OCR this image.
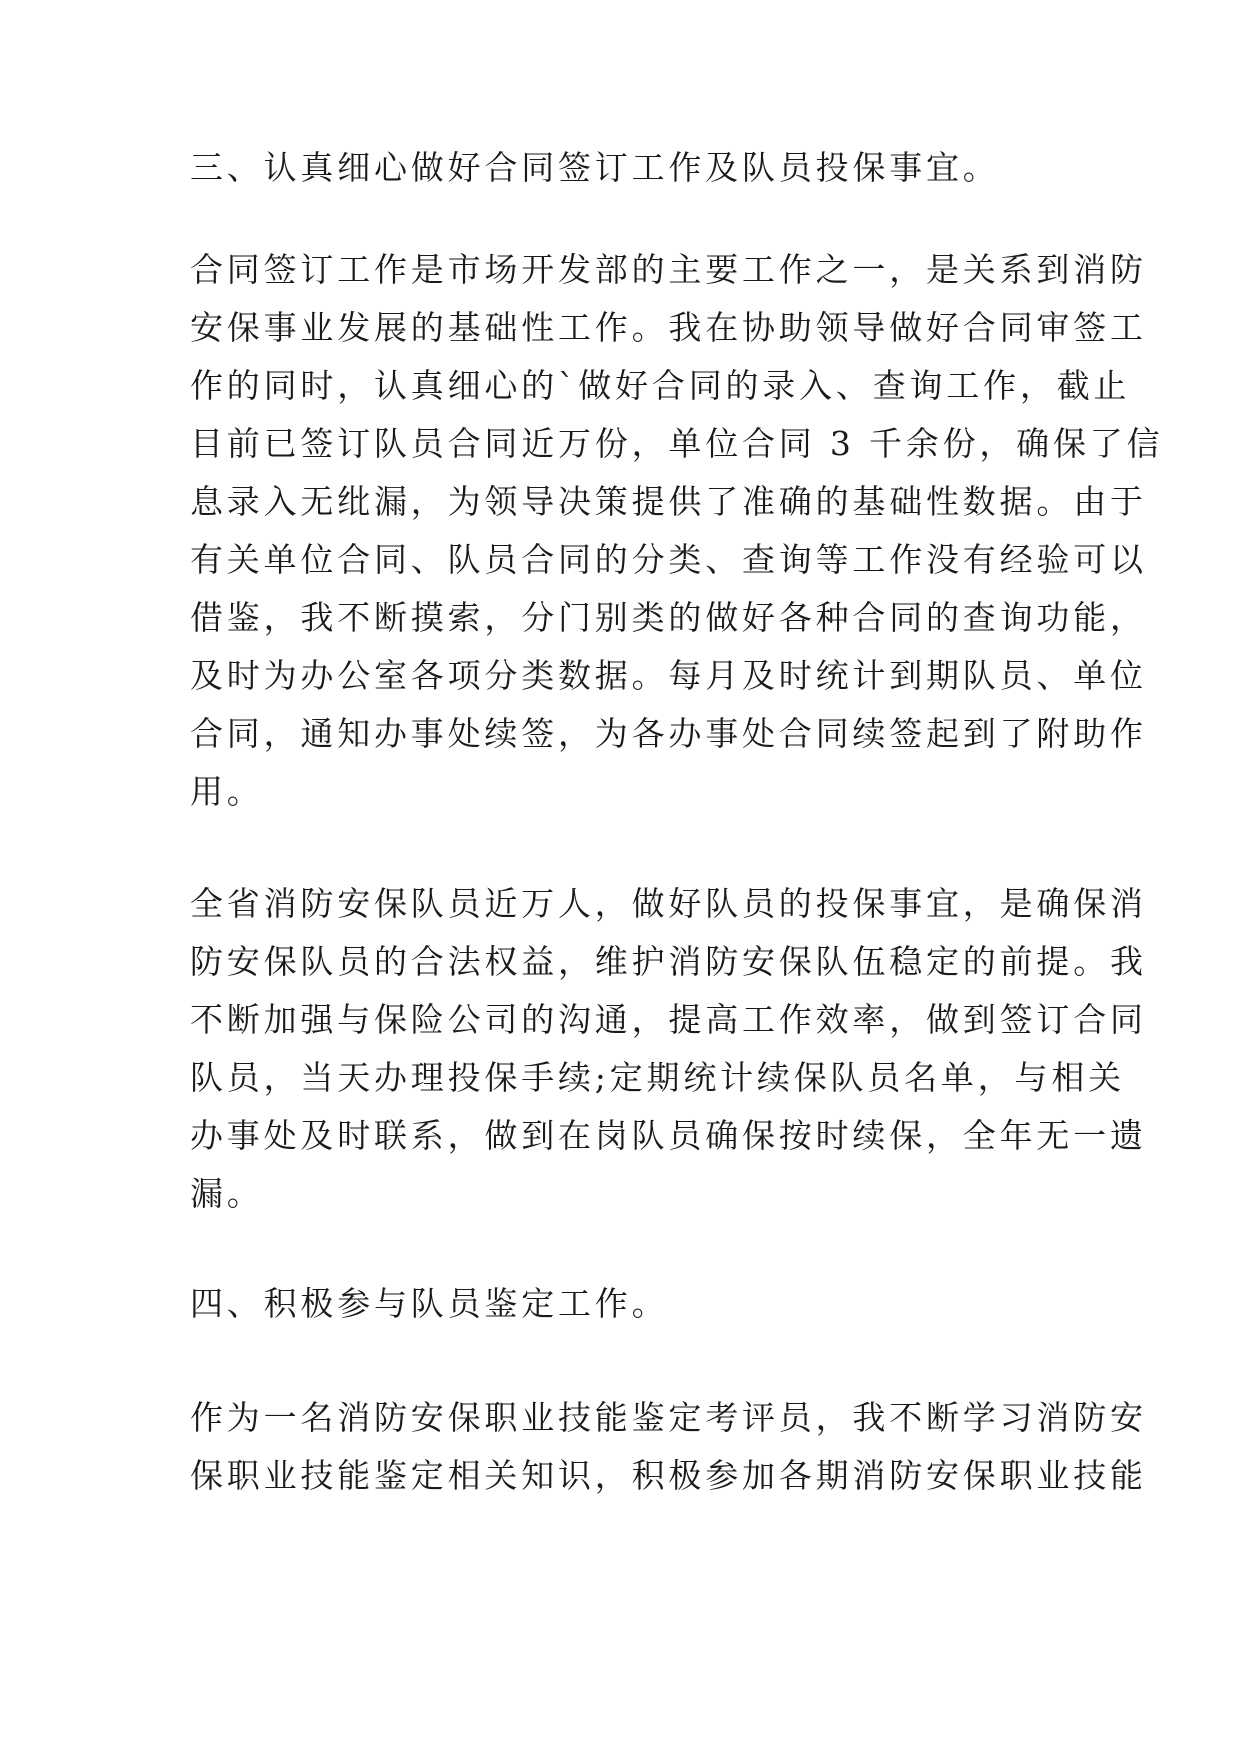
三、认真细心做好合同签订工作及队员投保事宜。
合同签订工作是市场开发部的主要工作之一，是关系到消防
安保事业发展的基础性工作。我在协助领导做好合同审签工
作的同时，认真细心的`做好合同的录入、查询工作，截止
目前已签订队员合同近万份，单位合同 3 千余份，确保了信
息录入无纰漏，为领导决策提供了准确的基础性数据。由于
有关单位合同、队员合同的分类、查询等工作没有经验可以
借鉴，我不断摸索，分门别类的做好各种合同的查询功能，
及时为办公室各项分类数据。每月及时统计到期队员、单位
合同，通知办事处续签，为各办事处合同续签起到了附助作
用。
全省消防安保队员近万人，做好队员的投保事宜，是确保消
防安保队员的合法权益，维护消防安保队伍稳定的前提。我
不断加强与保险公司的沟通，提高工作效率，做到签订合同
队员，当天办理投保手续;定期统计续保队员名单，与相关
办事处及时联系，做到在岗队员确保按时续保，全年无一遗
漏。
四、积极参与队员鉴定工作。
作为一名消防安保职业技能鉴定考评员，我不断学习消防安
保职业技能鉴定相关知识，积极参加各期消防安保职业技能
